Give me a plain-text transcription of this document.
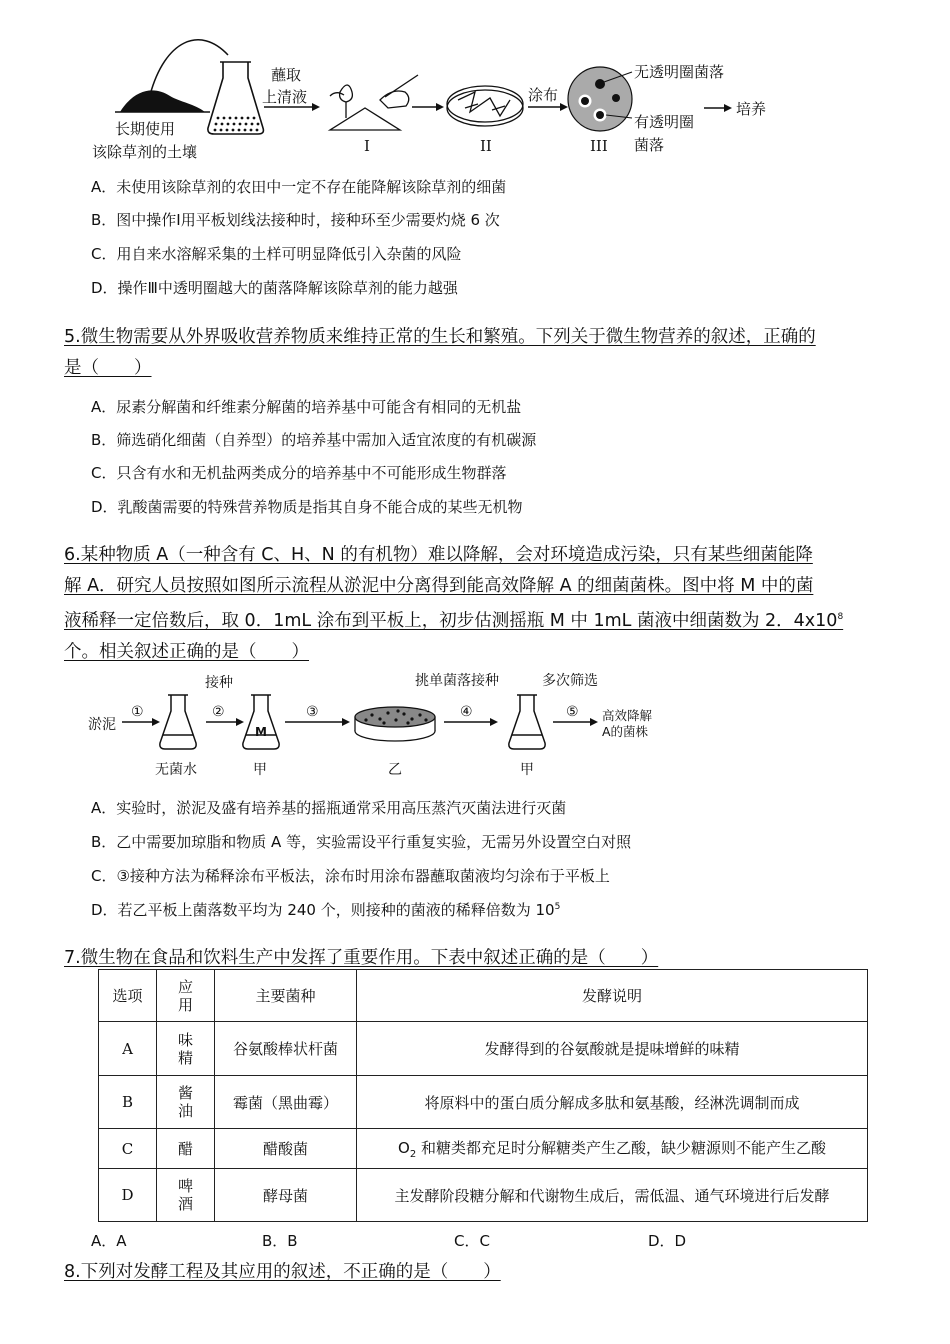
长期使用
该除草剂的土壤
蘸取
上清液
I	II
涂布
III
无透明圈菌落
有透明圈
菌落
培养
A．未使用该除草剂的农田中一定不存在能降解该除草剂的细菌
B．图中操作Ⅰ用平板划线法接种时，接种环至少需要灼烧 6 次
C．用自来水溶解采集的土样可明显降低引入杂菌的风险
D．操作Ⅲ中透明圈越大的菌落降解该除草剂的能力越强
5.微生物需要从外界吸收营养物质来维持正常的生长和繁殖。下列关于微生物营养的叙述，正确的
是（　　）
A．尿素分解菌和纤维素分解菌的培养基中可能含有相同的无机盐
B．筛选硝化细菌（自养型）的培养基中需加入适宜浓度的有机碳源
C．只含有水和无机盐两类成分的培养基中不可能形成生物群落
D．乳酸菌需要的特殊营养物质是指其自身不能合成的某些无机物
6.某种物质 A（一种含有 C、H、N 的有机物）难以降解，会对环境造成污染，只有某些细菌能降
解 A．研究人员按照如图所示流程从淤泥中分离得到能高效降解 A 的细菌菌株。图中将 M 中的菌
液稀释一定倍数后，取 0．1mL 涂布到平板上，初步估测摇瓶 M 中 1mL 菌液中细菌数为 2．$4x10^8$
个。相关叙述正确的是（　　）
淤泥
①
无菌水
接种
②
M
甲
③
乙
挑单菌落接种
④
甲
多次筛选
⑤ 高效降解
A的菌株
A．实验时，淤泥及盛有培养基的摇瓶通常采用高压蒸汽灭菌法进行灭菌
B．乙中需要加琼脂和物质 A 等，实验需设平行重复实验，无需另外设置空白对照
C．③接种方法为稀释涂布平板法，涂布时用涂布器蘸取菌液均匀涂布于平板上
D．若乙平板上菌落数平均为 240 个，则接种的菌液的稀释倍数为 $10^5$
7.微生物在食品和饮料生产中发挥了重要作用。下表中叙述正确的是（　　）
选项	应用	主要菌种	发酵说明
A	味精	谷氨酸棒状杆菌	发酵得到的谷氨酸就是提味增鲜的味精
B	酱油	霉菌（黑曲霉）	将原料中的蛋白质分解成多肽和氨基酸，经淋洗调制而成
C	醋	醋酸菌	$O_2$ 和糖类都充足时分解糖类产生乙酸，缺少糖源则不能产生乙酸
D	啤酒	酵母菌	主发酵阶段糖分解和代谢物生成后，需低温、通气环境进行后发酵
A．A	B．B	C．C	D．D
8.下列对发酵工程及其应用的叙述，不正确的是（　　）
